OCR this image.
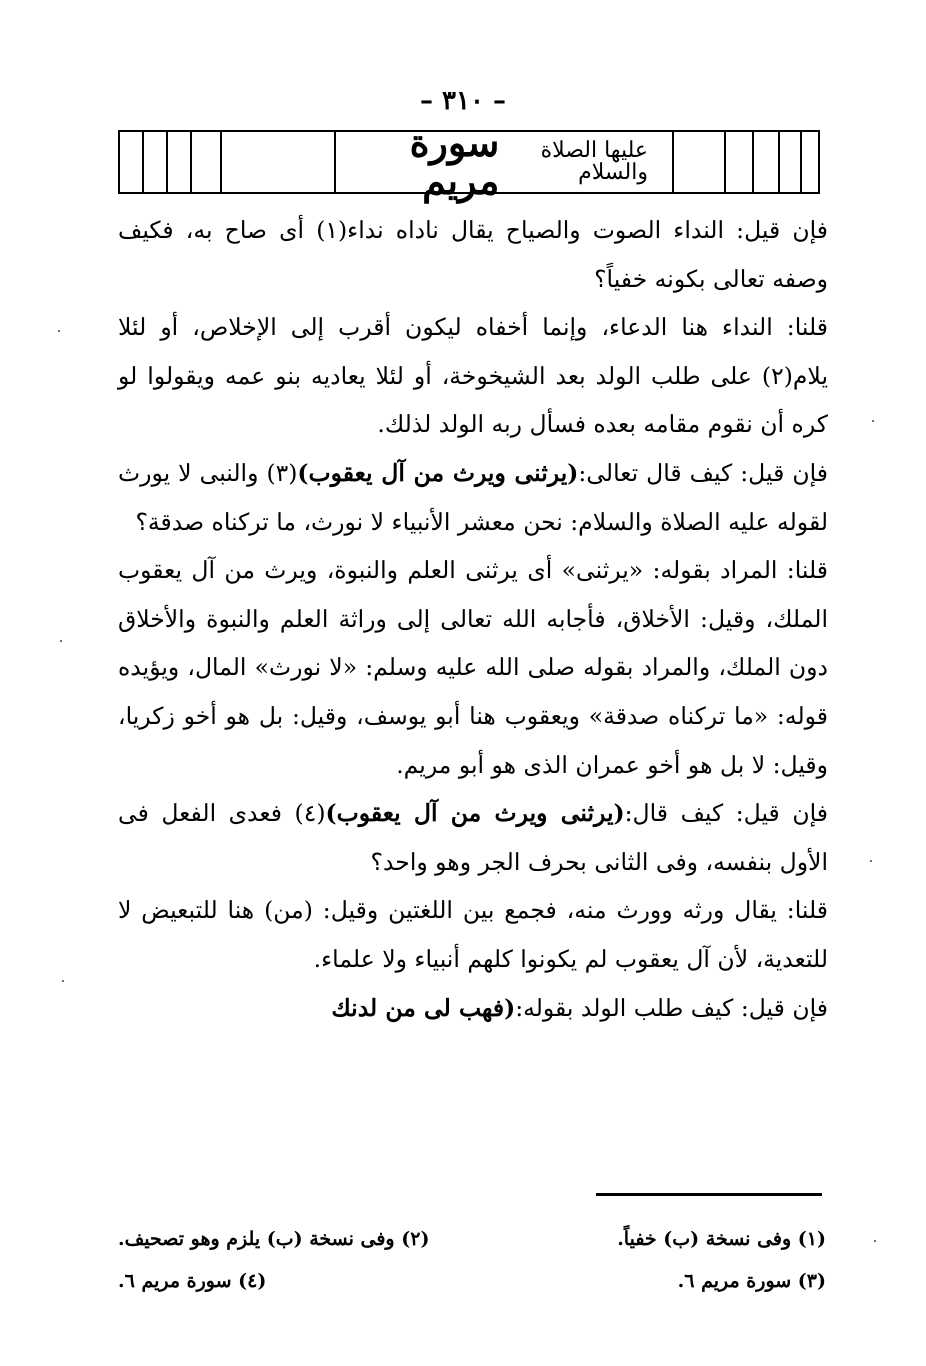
– ٣١٠ –
سورة مريم
عليها الصلاة والسلام

فإن قيل: النداء الصوت والصياح يقال ناداه نداء(١) أى صاح به، فكيف وصفه تعالى بكونه خفياً؟

قلنا: النداء هنا الدعاء، وإنما أخفاه ليكون أقرب إلى الإخلاص، أو لئلا يلام(٢) على طلب الولد بعد الشيخوخة، أو لئلا يعاديه بنو عمه ويقولوا لو كره أن نقوم مقامه بعده فسأل ربه الولد لذلك.

فإن قيل: كيف قال تعالى:(يرثنى ويرث من آل يعقوب)(٣) والنبى لا يورث لقوله عليه الصلاة والسلام: نحن معشر الأنبياء لا نورث، ما تركناه صدقة؟

قلنا: المراد بقوله: «يرثنى» أى يرثنى العلم والنبوة، ويرث من آل يعقوب الملك، وقيل: الأخلاق، فأجابه الله تعالى إلى وراثة العلم والنبوة والأخلاق دون الملك، والمراد بقوله صلى الله عليه وسلم: «لا نورث» المال، ويؤيده قوله: «ما تركناه صدقة» ويعقوب هنا أبو يوسف، وقيل: بل هو أخو زكريا، وقيل: لا بل هو أخو عمران الذى هو أبو مريم.

فإن قيل: كيف قال:(يرثنى ويرث من آل يعقوب)(٤) فعدى الفعل فى الأول بنفسه، وفى الثانى بحرف الجر وهو واحد؟

قلنا: يقال ورثه وورث منه، فجمع بين اللغتين وقيل: (من) هنا للتبعيض لا للتعدية، لأن آل يعقوب لم يكونوا كلهم أنبياء ولا علماء.

فإن قيل: كيف طلب الولد بقوله:(فهب لى من لدنك

(١) وفى نسخة (ب) خفياً.
(٢) وفى نسخة (ب) يلزم وهو تصحيف.
(٣) سورة مريم ٦.
(٤) سورة مريم ٦.
